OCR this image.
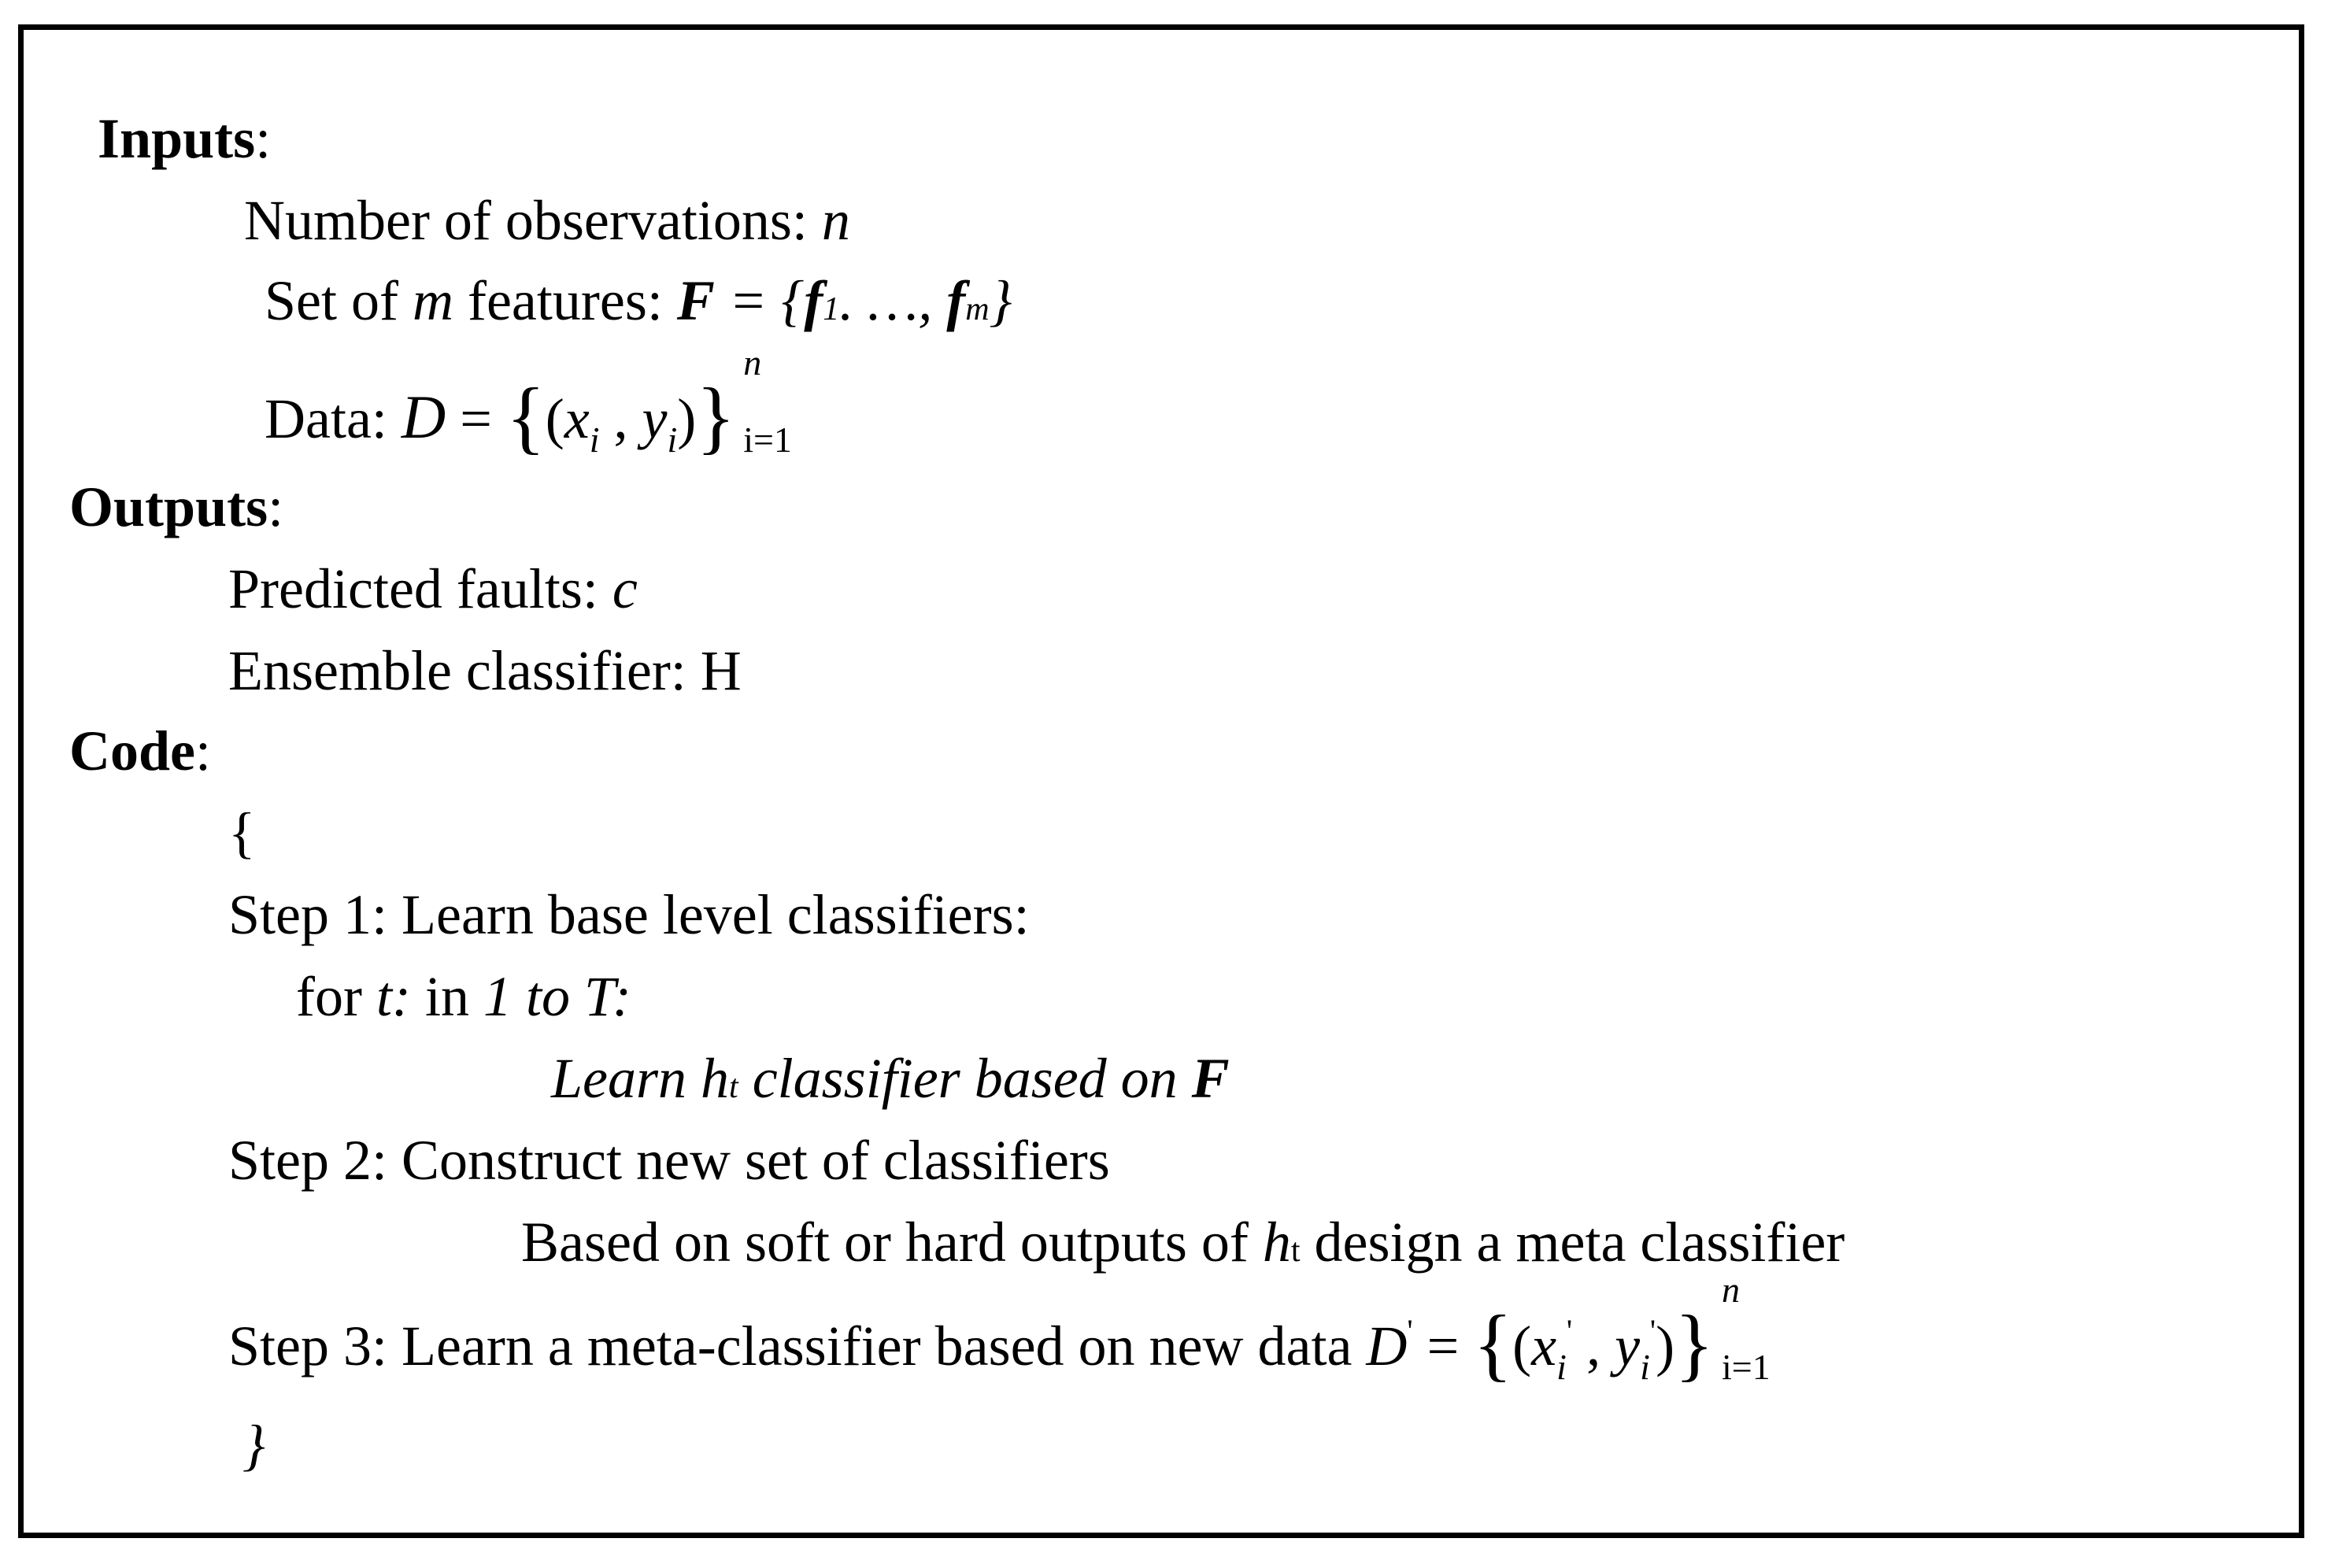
Inputs:
Number of observations: n
Set of m features: F = {f1. …, fm}
Data: $D = \{(x_i$ , $y_i$)}
n
i=1
Outputs:
Predicted faults: c
Ensemble classifier: H
Code:
{
Step 1: Learn base level classifiers:
for t: in 1 to T:
Learn ht classifier based on F
Step 2: Construct new set of classifiers
Based on soft or hard outputs of ht design a meta classifier
Step 3: Learn a meta-classifier based on new data $D' = \{(x_i'$ , $y_i'$)}
n
i=1
}
